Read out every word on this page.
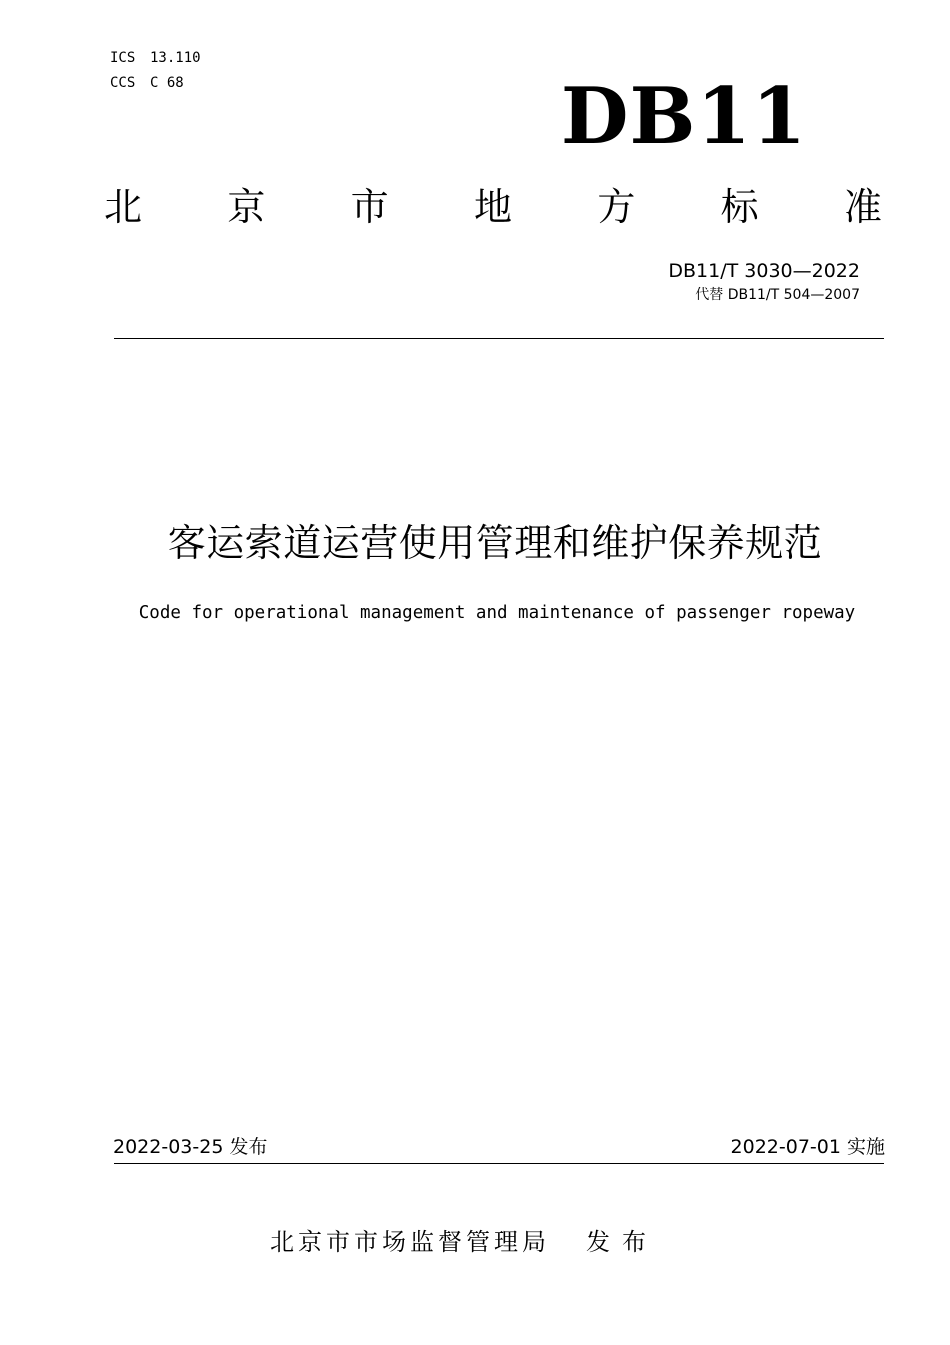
ICS 13.110
CCS C 68	DB11
北 京 市 地 方 标 准
DB11/T 3030—2022
代替 DB11/T 504—2007
客运索道运营使用管理和维护保养规范
Code for operational management and maintenance of passenger ropeway
2022-03-25 发布	2022-07-01 实施
北京市市场监督管理局 发布
